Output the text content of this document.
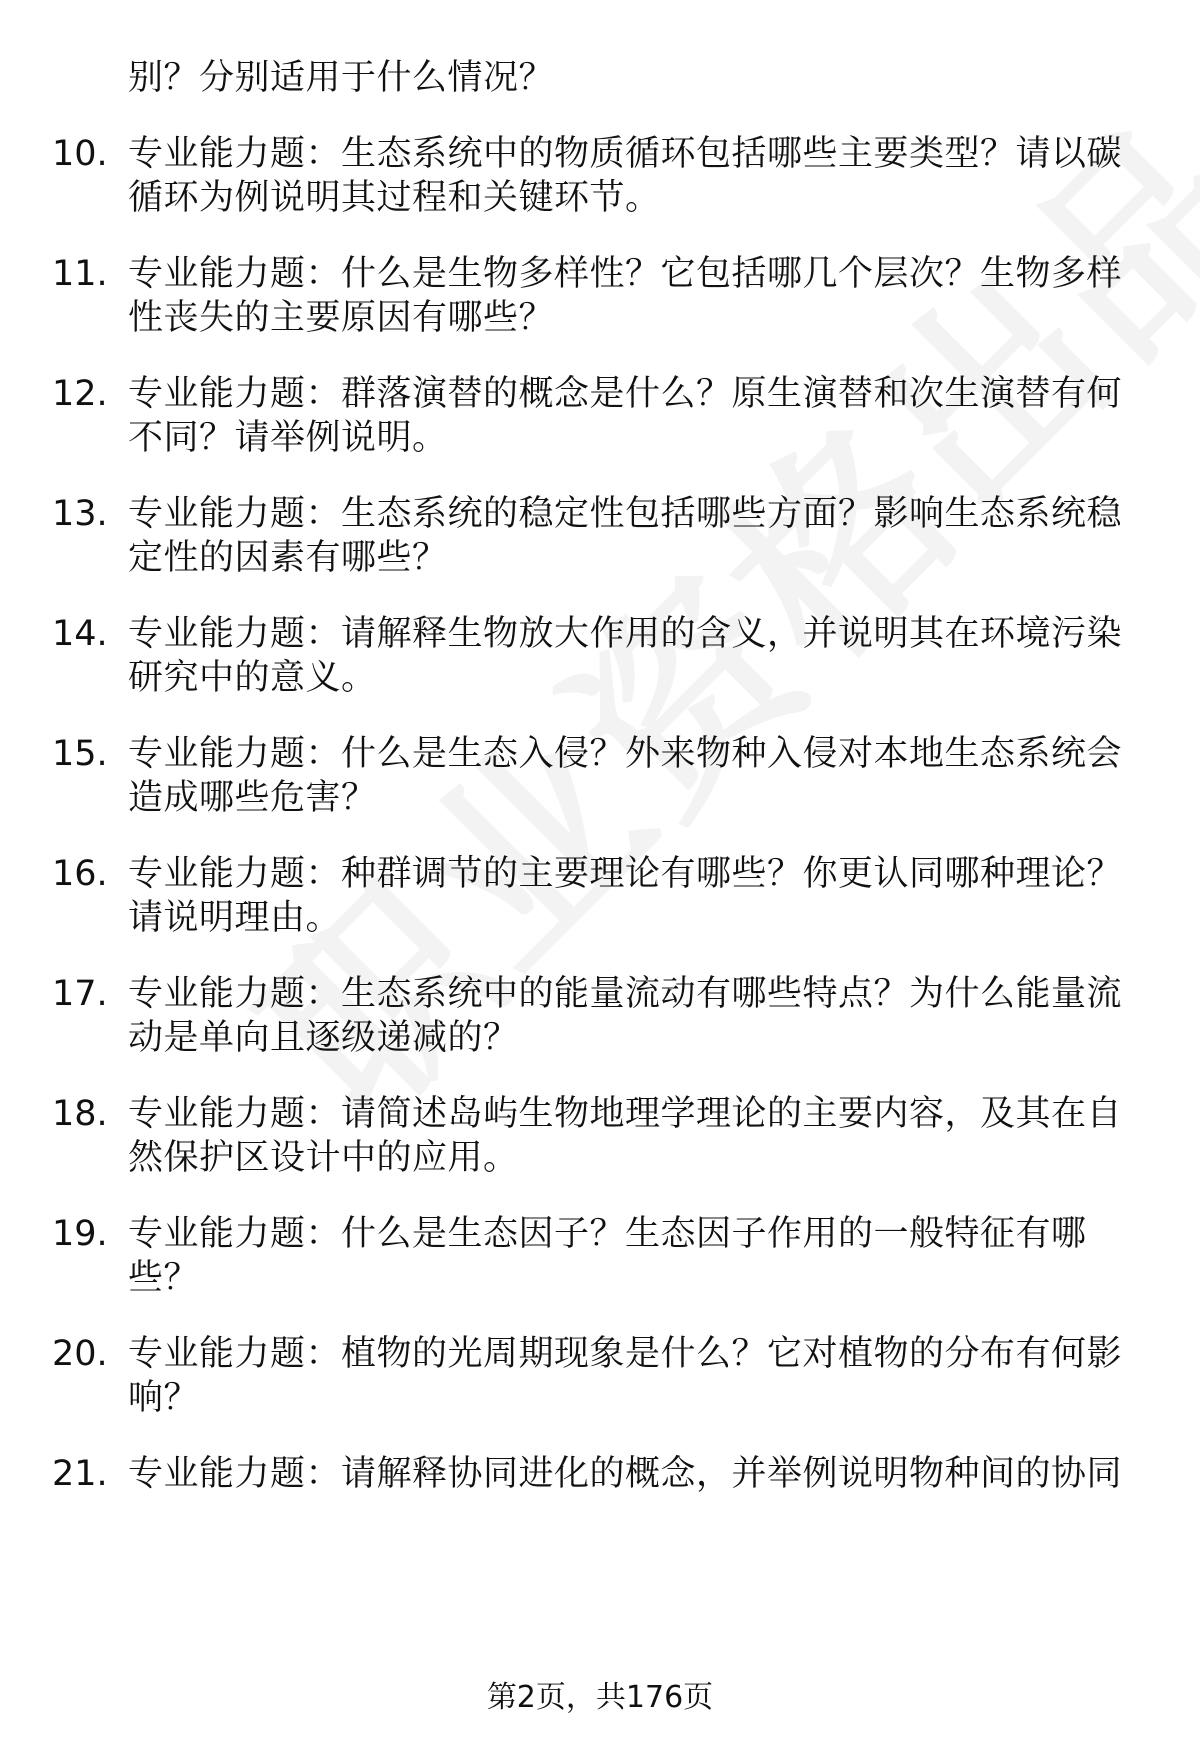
别？分别适用于什么情况？
10. 专业能力题：生态系统中的物质循环包括哪些主要类型？请以碳
循环为例说明其过程和关键环节。
11. 专业能力题：什么是生物多样性？它包括哪几个层次？生物多样
性丧失的主要原因有哪些？
12. 专业能力题：群落演替的概念是什么？原生演替和次生演替有何
不同？请举例说明。
13. 专业能力题：生态系统的稳定性包括哪些方面？影响生态系统稳
定性的因素有哪些？
14. 专业能力题：请解释生物放大作用的含义，并说明其在环境污染
研究中的意义。
15. 专业能力题：什么是生态入侵？外来物种入侵对本地生态系统会
造成哪些危害？
16. 专业能力题：种群调节的主要理论有哪些？你更认同哪种理论？
请说明理由。
17. 专业能力题：生态系统中的能量流动有哪些特点？为什么能量流
动是单向且逐级递减的？
18. 专业能力题：请简述岛屿生物地理学理论的主要内容，及其在自
然保护区设计中的应用。
19. 专业能力题：什么是生态因子？生态因子作用的一般特征有哪
些？
20. 专业能力题：植物的光周期现象是什么？它对植物的分布有何影
响？
21. 专业能力题：请解释协同进化的概念，并举例说明物种间的协同
第2页，共176页
